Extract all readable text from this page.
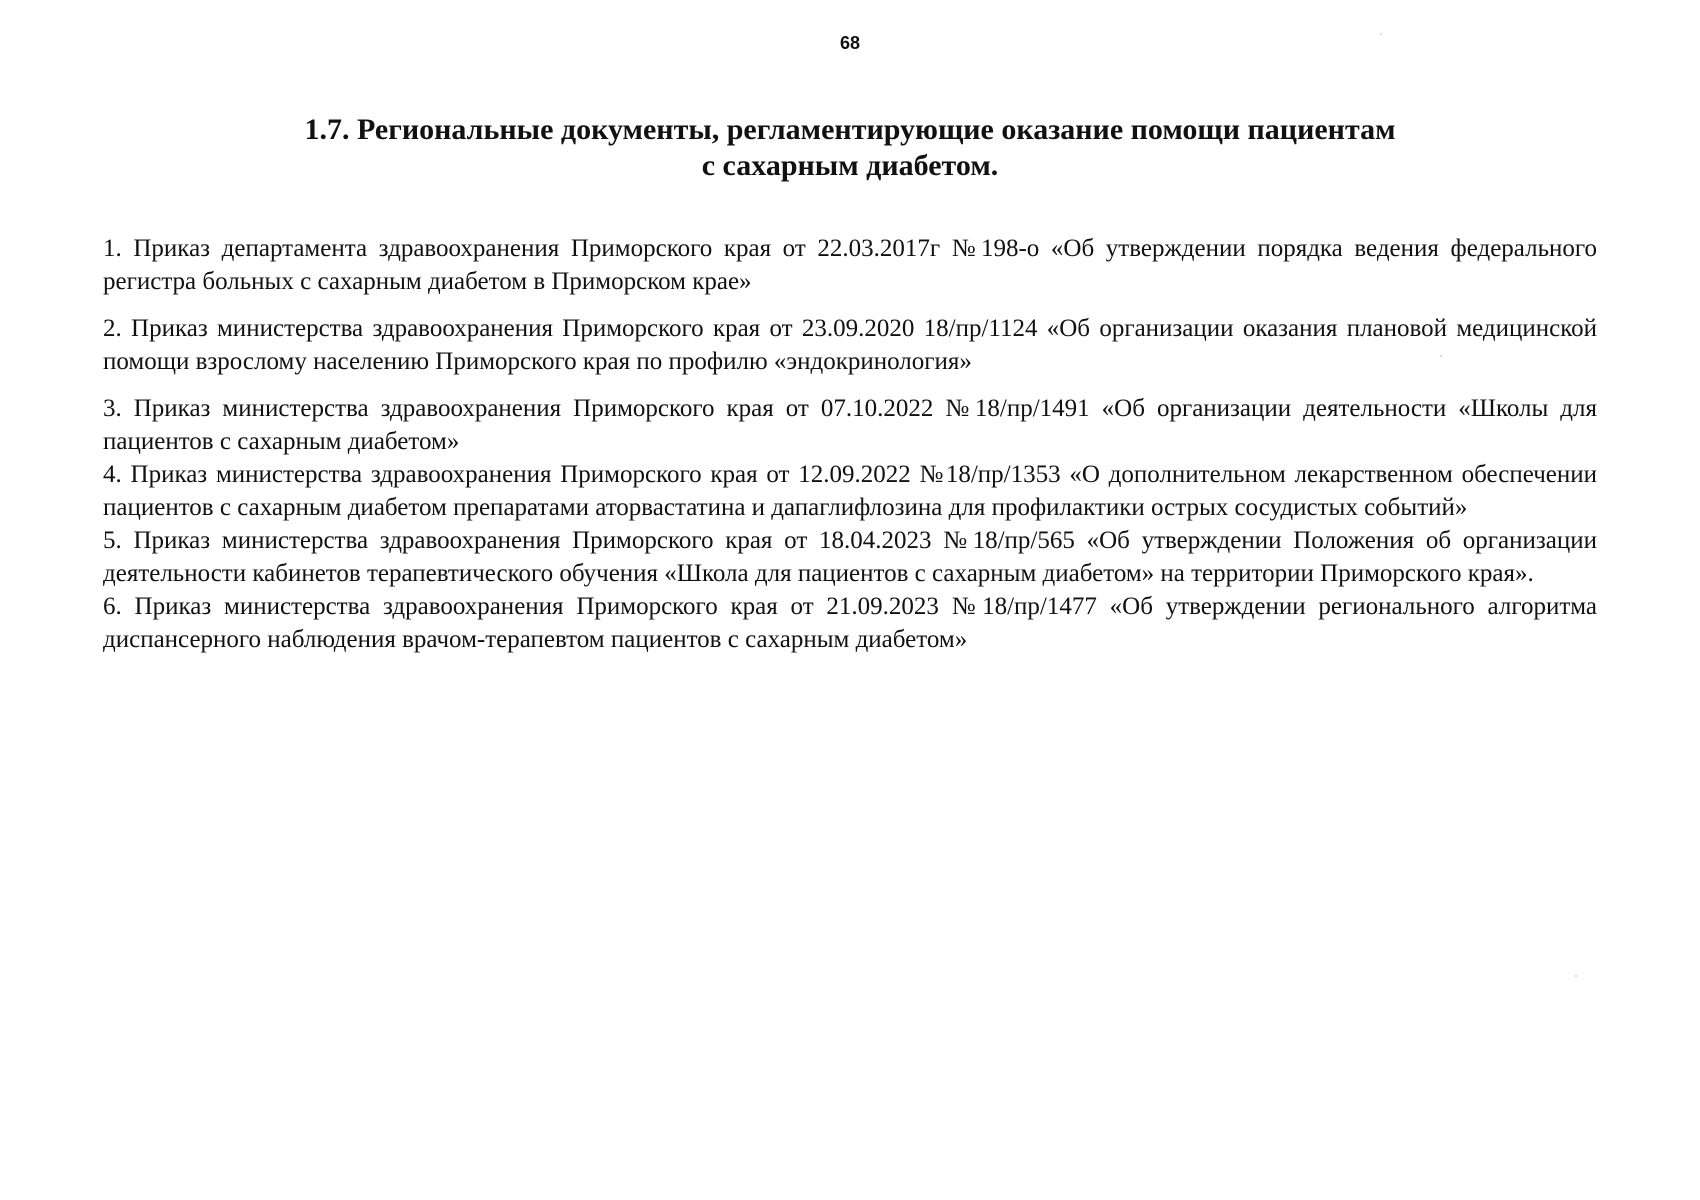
68
1.7. Региональные документы, регламентирующие оказание помощи пациентам
с сахарным диабетом.

1. Приказ департамента здравоохранения Приморского края от 22.03.2017г №198-о «Об утверждении порядка ведения федерального регистра больных с сахарным диабетом в Приморском крае»

2. Приказ министерства здравоохранения Приморского края от 23.09.2020 18/пр/1124 «Об организации оказания плановой медицинской помощи взрослому населению Приморского края по профилю «эндокринология»

3. Приказ министерства здравоохранения Приморского края от 07.10.2022 №18/пр/1491 «Об организации деятельности «Школы для пациентов с сахарным диабетом»

4. Приказ министерства здравоохранения Приморского края от 12.09.2022 №18/пр/1353 «О дополнительном лекарственном обеспечении пациентов с сахарным диабетом препаратами аторвастатина и дапаглифлозина для профилактики острых сосудистых событий»

5. Приказ министерства здравоохранения Приморского края от 18.04.2023 №18/пр/565 «Об утверждении Положения об организации деятельности кабинетов терапевтического обучения «Школа для пациентов с сахарным диабетом» на территории Приморского края».

6. Приказ министерства здравоохранения Приморского края от 21.09.2023 №18/пр/1477 «Об утверждении регионального алгоритма диспансерного наблюдения врачом-терапевтом пациентов с сахарным диабетом»
